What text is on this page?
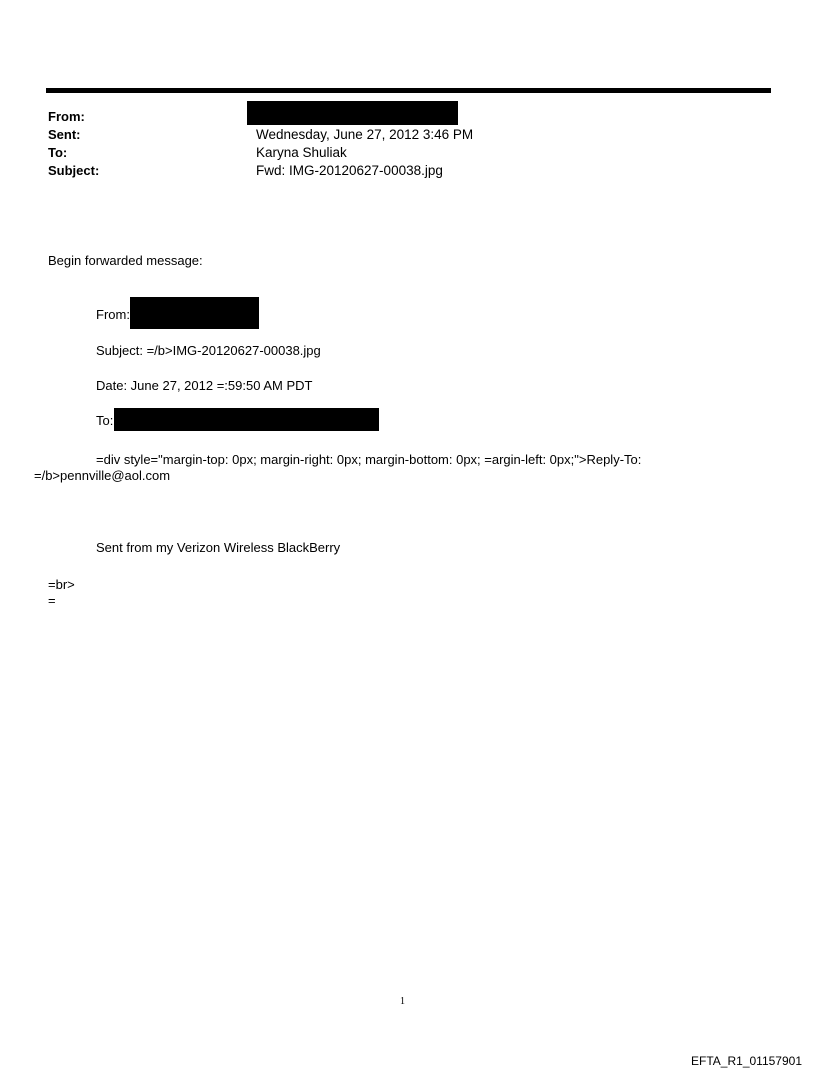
From:
Sent:	Wednesday, June 27, 2012 3:46 PM
To:	Karyna Shuliak
Subject:	Fwd: IMG-20120627-00038.jpg
Begin forwarded message:
From:
Subject: =/b>IMG-20120627-00038.jpg
Date: June 27, 2012 =:59:50 AM PDT
To:
=div style="margin-top: 0px; margin-right: 0px; margin-bottom: 0px; =argin-left: 0px;">Reply-To:
=/b>pennville@aol.com
Sent from my Verizon Wireless BlackBerry
=br>
=
1
EFTA_R1_01157901
